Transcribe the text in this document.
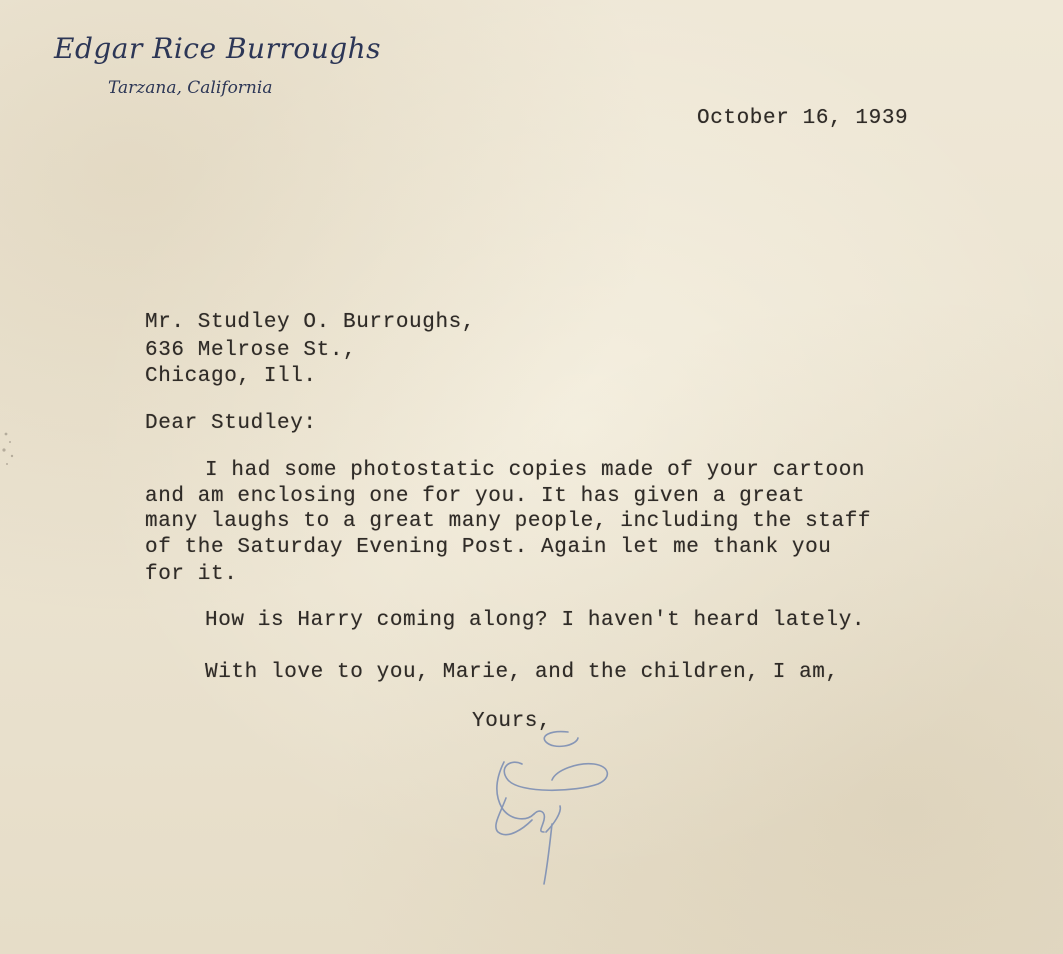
Edgar Rice Burroughs
Tarzana, California
October 16, 1939
Mr. Studley O. Burroughs,
636 Melrose St.,
Chicago, Ill.
Dear Studley:
I had some photostatic copies made of your cartoon
and am enclosing one for you. It has given a great
many laughs to a great many people, including the staff
of the Saturday Evening Post. Again let me thank you
for it.
How is Harry coming along? I haven't heard lately.
With love to you, Marie, and the children, I am,
Yours,
